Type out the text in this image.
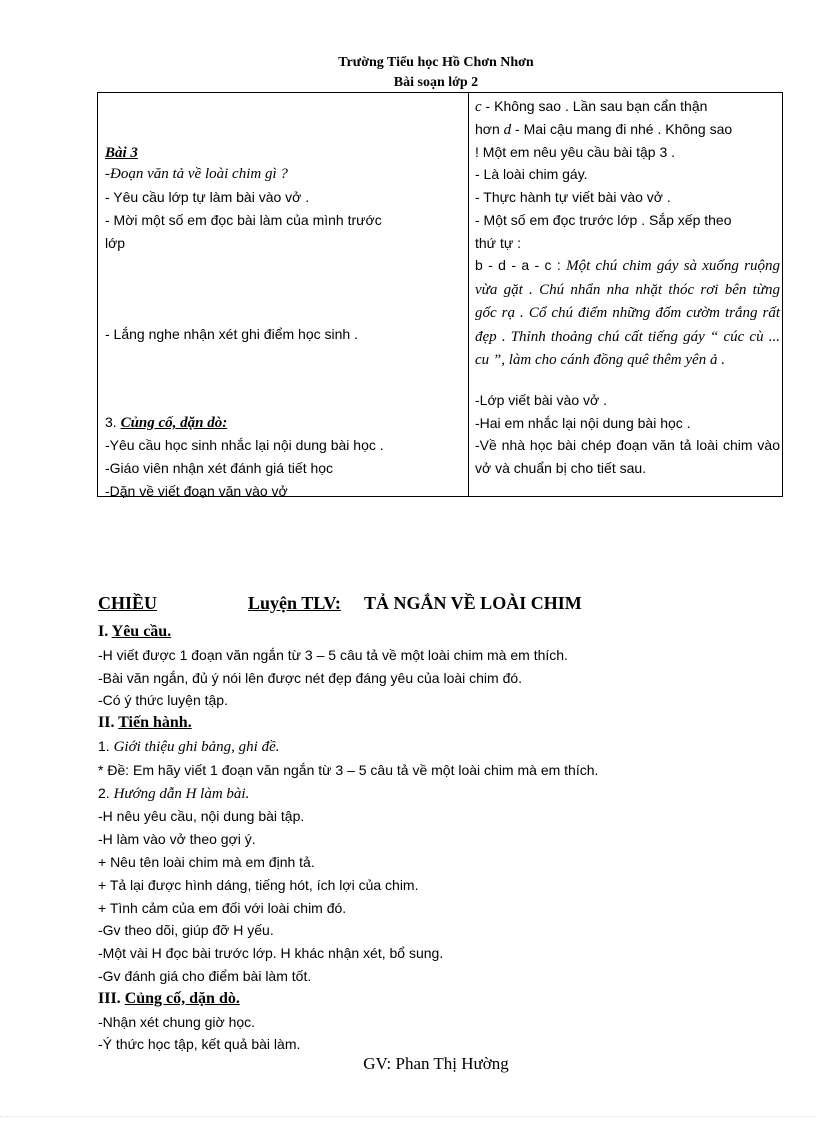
Trường Tiểu học Hồ Chơn Nhơn
Bài soạn lớp 2
Bài 3
-Đoạn văn tả về loài chim gì ?
- Yêu cầu lớp tự làm bài vào vở .
- Mời một số em đọc bài làm của mình trước
lớp
- Lắng nghe nhận xét ghi điểm học sinh .
3. Củng cố, dặn dò:
-Yêu cầu học sinh nhắc lại nội dung bài học .
-Giáo viên nhận xét đánh giá tiết học
-Dặn về viết đoạn văn vào vở
c - Không sao . Lần sau bạn cẩn thận
hơn d - Mai cậu mang đi nhé . Không sao
! Một em nêu yêu cầu bài tập 3 .
- Là loài chim gáy.
- Thực hành tự viết bài vào vở .
- Một số em đọc trước lớp . Sắp xếp theo
thứ tự :
b - d - a - c : Một chú chim gáy sà xuống ruộng vừa gặt . Chú nhẩn nha nhặt thóc rơi bên từng gốc rạ . Cổ chú điểm những đốm cườm trắng rất đẹp . Thỉnh thoảng chú cất tiếng gáy “ cúc cù ... cu ”, làm cho cánh đồng quê thêm yên ả .
-Lớp viết bài vào vở .
-Hai em nhắc lại nội dung bài học .
-Về nhà học bài chép đoạn văn tả loài chim vào vở và chuẩn bị cho tiết sau.
CHIỀU	Luyện TLV: TẢ NGẮN VỀ LOÀI CHIM
I. Yêu cầu.
-H viết được 1 đoạn văn ngắn từ 3 – 5 câu tả về một loài chim mà em thích.
-Bài văn ngắn, đủ ý nói lên được nét đẹp đáng yêu của loài chim đó.
-Có ý thức luyện tập.
II. Tiến hành.
1. Giới thiệu ghi bảng, ghi đề.
* Đề: Em hãy viết 1 đoạn văn ngắn từ 3 – 5 câu tả về một loài chim mà em thích.
2. Hướng dẫn H làm bài.
-H nêu yêu cầu, nội dung bài tập.
-H làm vào vở theo gợi ý.
+ Nêu tên loài chim mà em định tả.
+ Tả lại được hình dáng, tiếng hót, ích lợi của chim.
+ Tình cảm của em đối với loài chim đó.
-Gv theo dõi, giúp đỡ H yếu.
-Một vài H đọc bài trước lớp. H khác nhận xét, bổ sung.
-Gv đánh giá cho điểm bài làm tốt.
III. Củng cố, dặn dò.
-Nhận xét chung giờ học.
-Ý thức học tập, kết quả bài làm.
GV: Phan Thị Hường
